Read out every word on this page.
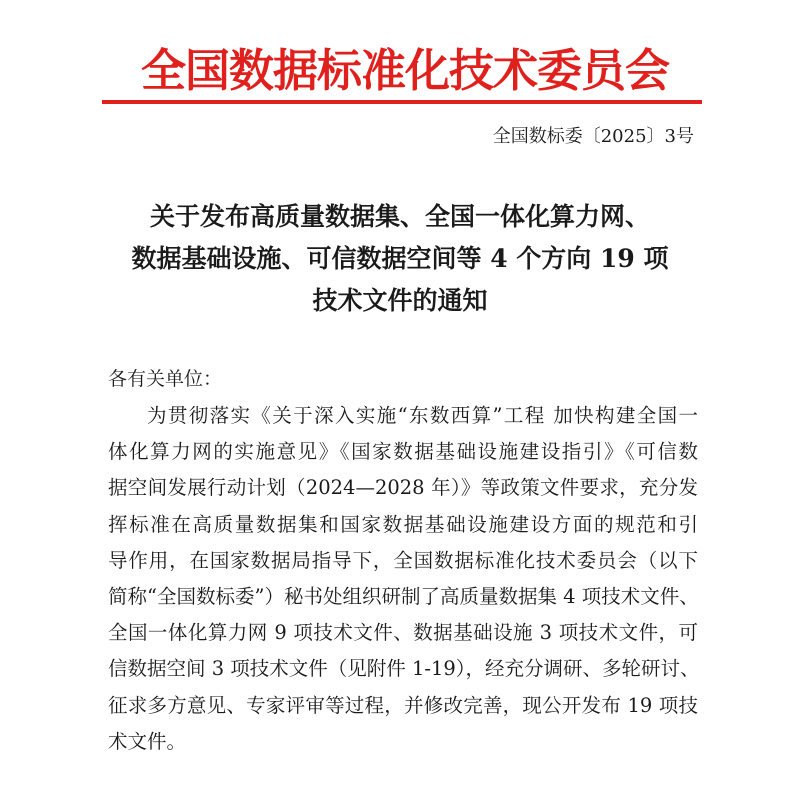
全国数据标准化技术委员会
全国数标委〔2025〕3号
关于发布高质量数据集、全国一体化算力网、
数据基础设施、可信数据空间等 4 个方向 19 项
技术文件的通知
各有关单位：
为贯彻落实《关于深入实施“东数西算”工程 加快构建全国一
体化算力网的实施意见》《国家数据基础设施建设指引》《可信数
据空间发展行动计划（2024—2028 年）》等政策文件要求，充分发
挥标准在高质量数据集和国家数据基础设施建设方面的规范和引
导作用，在国家数据局指导下，全国数据标准化技术委员会（以下
简称“全国数标委”）秘书处组织研制了高质量数据集 4 项技术文件、
全国一体化算力网 9 项技术文件、数据基础设施 3 项技术文件，可
信数据空间 3 项技术文件（见附件 1-19），经充分调研、多轮研讨、
征求多方意见、专家评审等过程，并修改完善，现公开发布 19 项技
术文件。
